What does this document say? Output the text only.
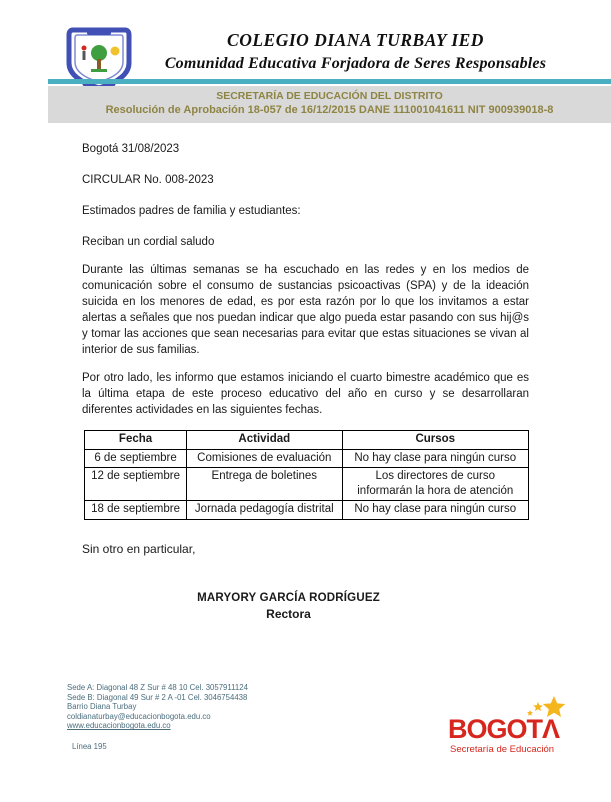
COLEGIO DIANA TURBAY IED
Comunidad Educativa Forjadora de Seres Responsables
SECRETARÍA DE EDUCACIÓN DEL DISTRITO
Resolución de Aprobación 18-057 de 16/12/2015 DANE 111001041611 NIT 900939018-8
Bogotá 31/08/2023
CIRCULAR No. 008-2023
Estimados padres de familia y estudiantes:
Reciban un cordial saludo

Durante las últimas semanas se ha escuchado en las redes y en los medios de comunicación sobre el consumo de sustancias psicoactivas (SPA) y de la ideación suicida en los menores de edad, es por esta razón por lo que los invitamos a estar alertas a señales que nos puedan indicar que algo pueda estar pasando con sus hij@s y tomar las acciones que sean necesarias para evitar que estas situaciones se vivan al interior de sus familias.

Por otro lado, les informo que estamos iniciando el cuarto bimestre académico que es la última etapa de este proceso educativo del año en curso y se desarrollaran diferentes actividades en las siguientes fechas.

Fecha	Actividad	Cursos
6 de septiembre	Comisiones de evaluación	No hay clase para ningún curso
12 de septiembre	Entrega de boletines	Los directores de curso informarán la hora de atención
18 de septiembre	Jornada pedagogía distrital	No hay clase para ningún curso
Sin otro en particular,
MARYORY GARCÍA RODRÍGUEZ
Rectora
Sede A: Diagonal 48 Z Sur # 48 10 Cel. 3057911124
Sede B: Diagonal 49 Sur # 2 A -01 Cel. 3046754438
Barrio Diana Turbay
coldianaturbay@educacionbogota.edu.co
www.educacionbogota.edu.co
Línea 195
BOGOTΛ
Secretaría de Educación
